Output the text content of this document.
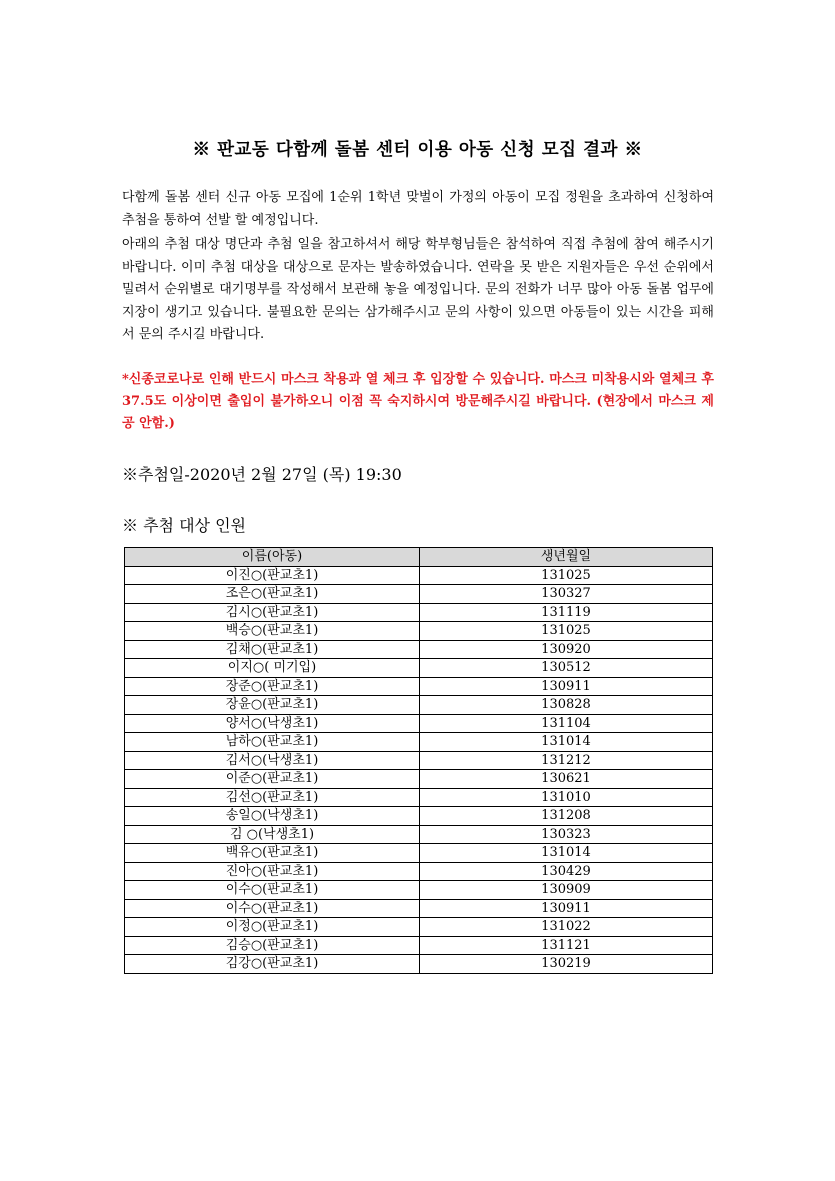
※ 판교동 다함께 돌봄 센터 이용 아동 신청 모집 결과 ※
다함께 돌봄 센터 신규 아동 모집에 1순위 1학년 맞벌이 가정의 아동이 모집 정원을 초과하여 신청하여 추첨을 통하여 선발 할 예정입니다.
아래의 추첨 대상 명단과 추첨 일을 참고하셔서 해당 학부형님들은 참석하여 직접 추첨에 참여 해주시기 바랍니다. 이미 추첨 대상을 대상으로 문자는 발송하였습니다. 연락을 못 받은 지원자들은 우선 순위에서 밀려서 순위별로 대기명부를 작성해서 보관해 놓을 예정입니다. 문의 전화가 너무 많아 아동 돌봄 업무에 지장이 생기고 있습니다. 불필요한 문의는 삼가해주시고 문의 사항이 있으면 아동들이 있는 시간을 피해서 문의 주시길 바랍니다.
*신종코로나로 인해 반드시 마스크 착용과 열 체크 후 입장할 수 있습니다. 마스크 미착용시와 열체크 후 37.5도 이상이면 출입이 불가하오니 이점 꼭 숙지하시여 방문해주시길 바랍니다. (현장에서 마스크 제공 안함.)
※추첨일-2020년 2월 27일 (목) 19:30
※ 추첨 대상 인원
이름(아동)	생년월일
이진○(판교초1)	131025
조은○(판교초1)	130327
김시○(판교초1)	131119
백승○(판교초1)	131025
김채○(판교초1)	130920
이지○( 미기입)	130512
장준○(판교초1)	130911
장윤○(판교초1)	130828
양서○(낙생초1)	131104
남하○(판교초1)	131014
김서○(낙생초1)	131212
이준○(판교초1)	130621
김선○(판교초1)	131010
송일○(낙생초1)	131208
김 ○(낙생초1)	130323
백유○(판교초1)	131014
진아○(판교초1)	130429
이수○(판교초1)	130909
이수○(판교초1)	130911
이정○(판교초1)	131022
김승○(판교초1)	131121
김강○(판교초1)	130219
